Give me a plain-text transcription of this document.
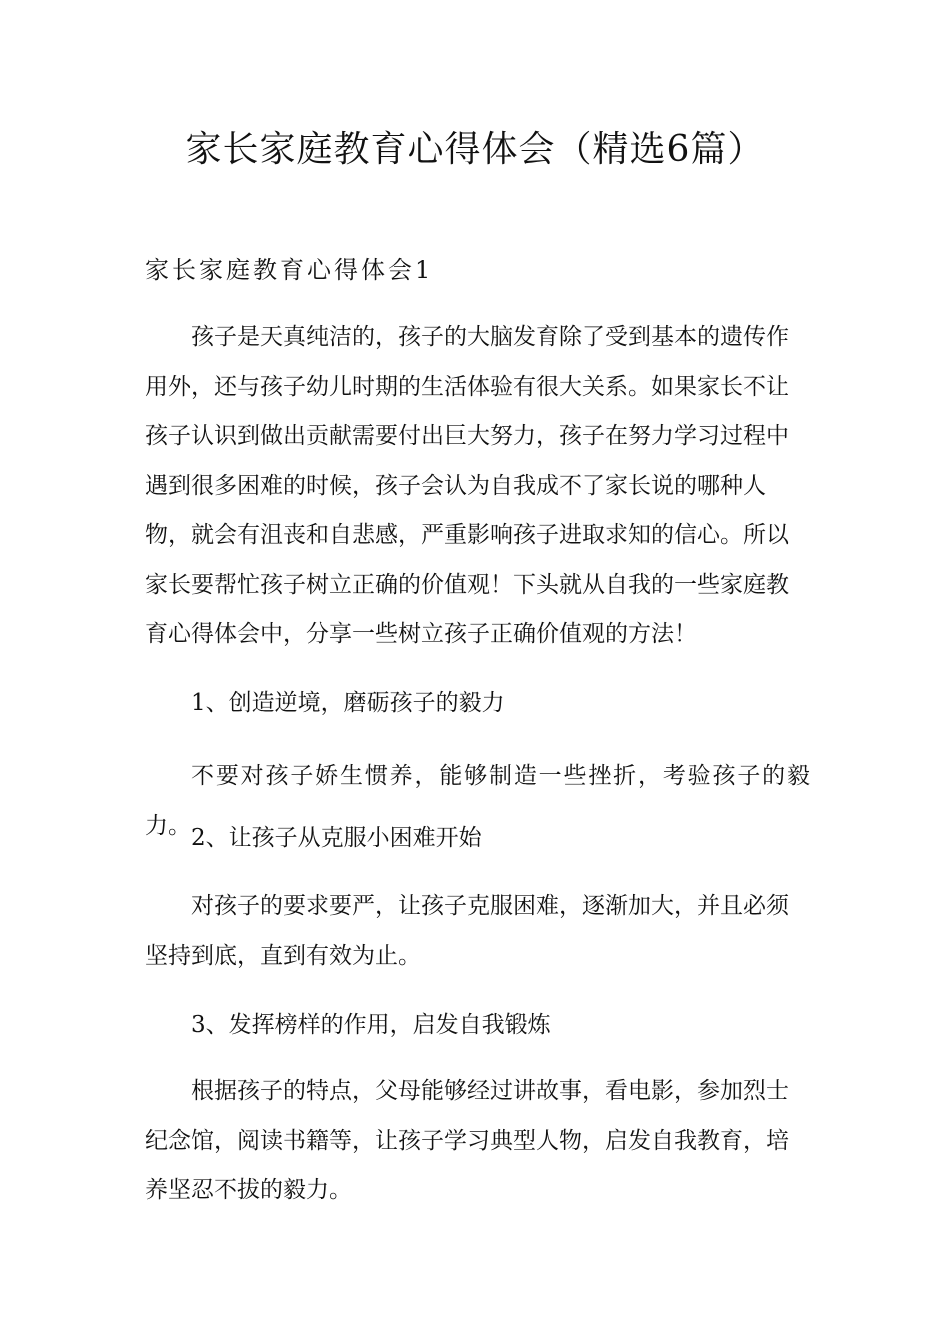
家长家庭教育心得体会（精选6篇）
家长家庭教育心得体会1

孩子是天真纯洁的，孩子的大脑发育除了受到基本的遗传作
用外，还与孩子幼儿时期的生活体验有很大关系。如果家长不让
孩子认识到做出贡献需要付出巨大努力，孩子在努力学习过程中
遇到很多困难的时候，孩子会认为自我成不了家长说的哪种人
物，就会有沮丧和自悲感，严重影响孩子进取求知的信心。所以
家长要帮忙孩子树立正确的价值观！下头就从自我的一些家庭教
育心得体会中，分享一些树立孩子正确价值观的方法！

1、创造逆境，磨砺孩子的毅力

不要对孩子娇生惯养，能够制造一些挫折，考验孩子的毅力。 2、让孩子从克服小困难开始

对孩子的要求要严，让孩子克服困难，逐渐加大，并且必须
坚持到底，直到有效为止。

3、发挥榜样的作用，启发自我锻炼

根据孩子的特点，父母能够经过讲故事，看电影，参加烈士
纪念馆，阅读书籍等，让孩子学习典型人物，启发自我教育，培
养坚忍不拔的毅力。
